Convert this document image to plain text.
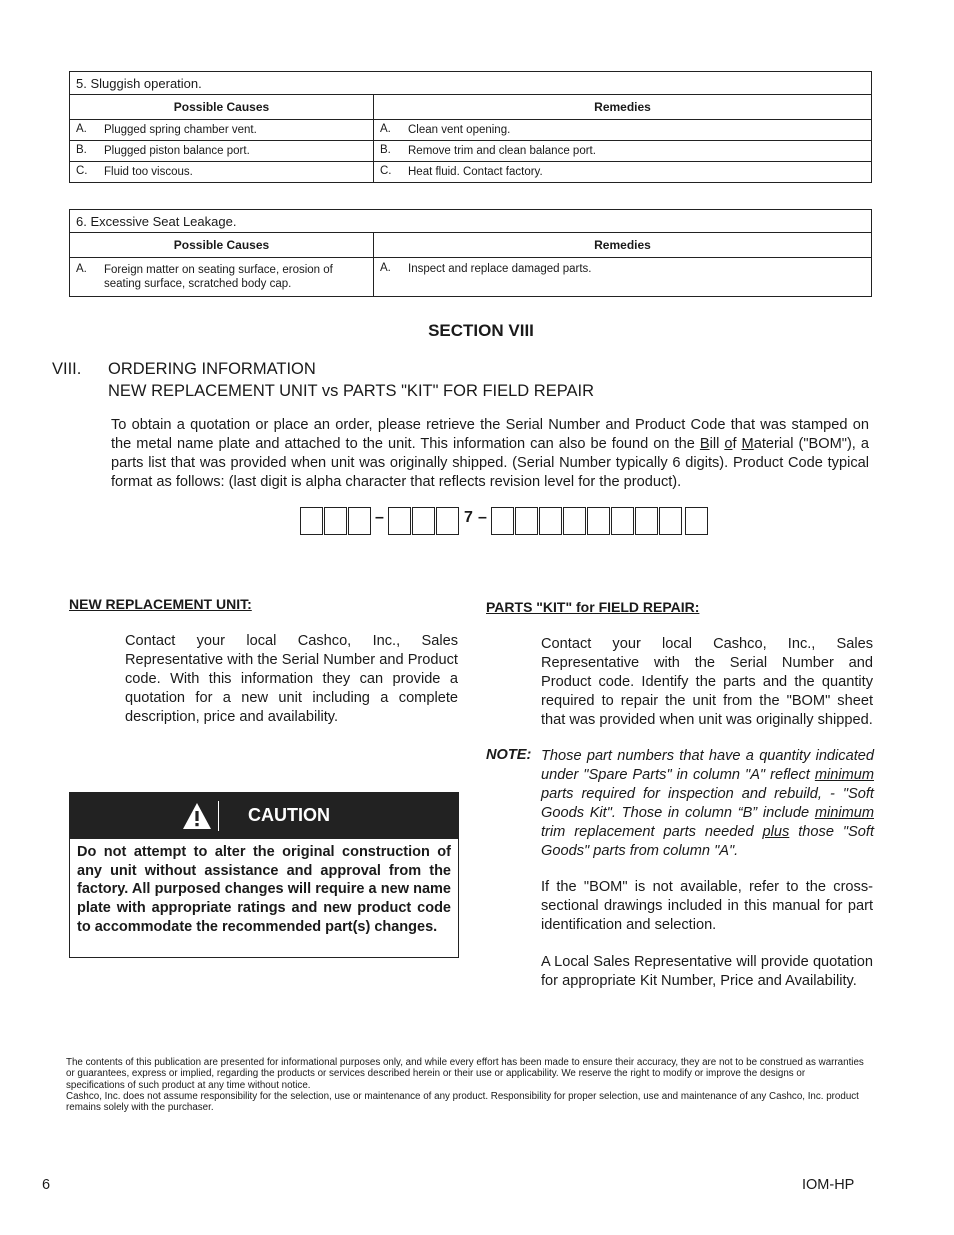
5. Sluggish operation.	
Possible Causes	Remedies
A. Plugged spring chamber vent.	A. Clean vent opening.
B. Plugged piston balance port.	B. Remove trim and clean balance port.
C. Fluid too viscous.	C. Heat fluid. Contact factory.
6. Excessive Seat Leakage.	
Possible Causes	Remedies
A. Foreign matter on seating surface, erosion of seating surface, scratched body cap.	A. Inspect and replace damaged parts.
SECTION VIII
VIII. ORDERING INFORMATION
NEW REPLACEMENT UNIT vs PARTS "KIT" FOR FIELD REPAIR
To obtain a quotation or place an order, please retrieve the Serial Number and Product Code that was stamped on the metal name plate and attached to the unit. This information can also be found on the Bill of Material ("BOM"), a parts list that was provided when unit was originally shipped. (Serial Number typically 6 digits). Product Code typical format as follows: (last digit is alpha character that reflects revision level for the product).
–	7 –
NEW REPLACEMENT UNIT:
Contact your local Cashco, Inc., Sales Representative with the Serial Number and Product code. With this information they can provide a quotation for a new unit including a complete description, price and availability.
CAUTION
Do not attempt to alter the original construction of any unit without assistance and approval from the factory. All purposed changes will require a new name plate with appropriate ratings and new product code to accommodate the recommended part(s) changes.
PARTS "KIT" for FIELD REPAIR:
Contact your local Cashco, Inc., Sales Representative with the Serial Number and Product code. Identify the parts and the quantity required to repair the unit from the "BOM" sheet that was provided when unit was originally shipped.
NOTE: Those part numbers that have a quantity indicated under "Spare Parts" in column "A" reflect minimum parts required for inspection and rebuild, - "Soft Goods Kit". Those in column “B” include minimum trim replacement parts needed plus those "Soft Goods" parts from column "A".
If the "BOM" is not available, refer to the cross-sectional drawings included in this manual for part identification and selection.
A Local Sales Representative will provide quotation for appropriate Kit Number, Price and Availability.
The contents of this publication are presented for informational purposes only, and while every effort has been made to ensure their accuracy, they are not to be construed as warranties or guarantees, express or implied, regarding the products or services described herein or their use or applicability. We reserve the right to modify or improve the designs or specifications of such product at any time without notice.
Cashco, Inc. does not assume responsibility for the selection, use or maintenance of any product. Responsibility for proper selection, use and maintenance of any Cashco, Inc. product remains solely with the purchaser.
6	IOM-HP
